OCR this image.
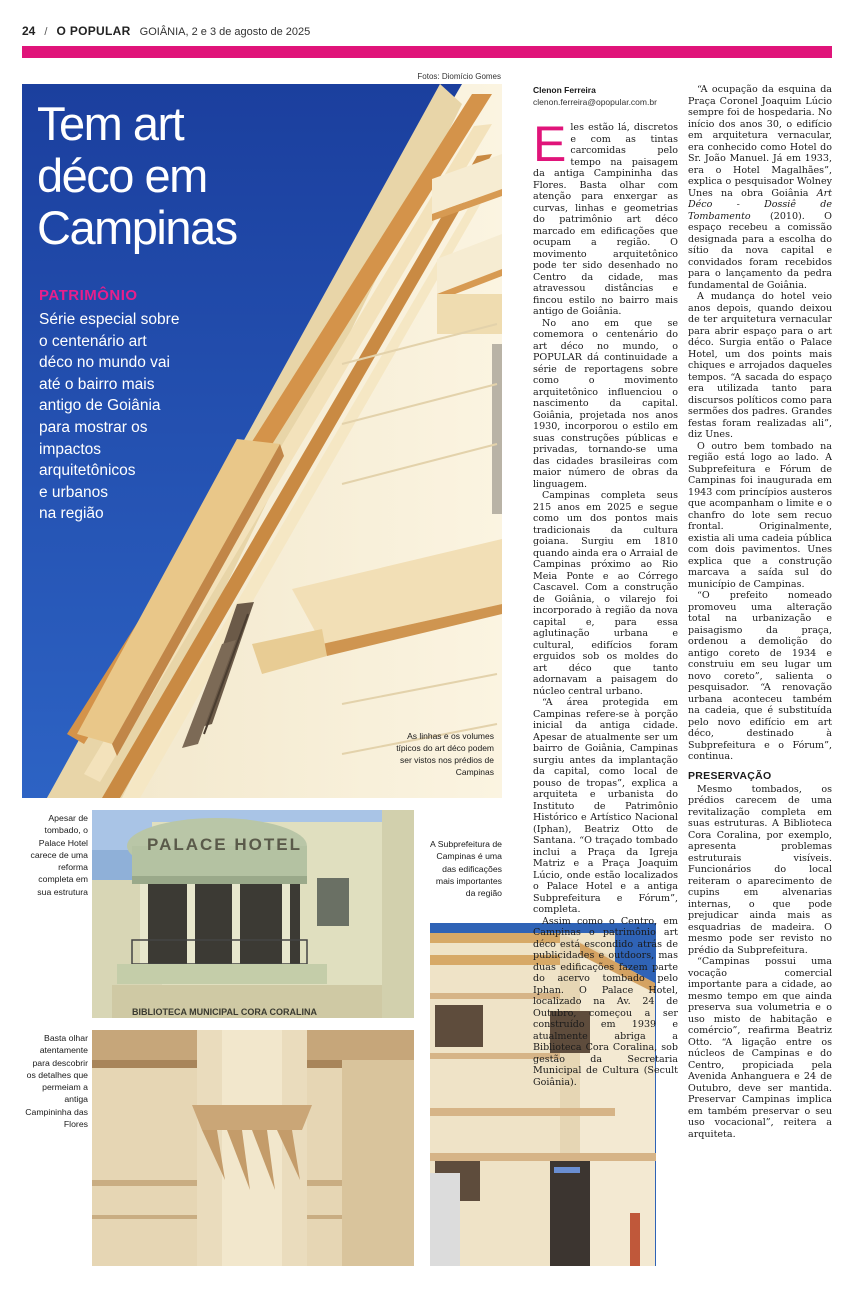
24 / O POPULAR GOIÂNIA, 2 e 3 de agosto de 2025
Fotos: Diomício Gomes
Tem art
déco em
Campinas
PATRIMÔNIO
Série especial sobre
o centenário art
déco no mundo vai
até o bairro mais
antigo de Goiânia
para mostrar os
impactos
arquitetônicos
e urbanos
na região
As linhas e os volumes típicos do art déco podem ser vistos nos prédios de Campinas
Apesar de tombado, o Palace Hotel carece de uma reforma completa em sua estrutura
PALACE HOTEL
BIBLIOTECA MUNICIPAL CORA CORALINA
Basta olhar atentamente para descobrir os detalhes que permeiam a antiga Campininha das Flores
A Subprefeitura de Campinas é uma das edificações mais importantes da região
Clenon Ferreira
clenon.ferreira@opopular.com.br

Eles estão lá, discretos e com as tintas carcomidas pelo tempo na paisagem da antiga Campininha das Flores. Basta olhar com atenção para enxergar as curvas, linhas e geometrias do patrimônio art déco marcado em edificações que ocupam a região. O movimento arquitetônico pode ter sido desenhado no Centro da cidade, mas atravessou distâncias e fincou estilo no bairro mais antigo de Goiânia.

No ano em que se comemora o centenário do art déco no mundo, o POPULAR dá continuidade a série de reportagens sobre como o movimento arquitetônico influenciou o nascimento da capital. Goiânia, projetada nos anos 1930, incorporou o estilo em suas construções públicas e privadas, tornando-se uma das cidades brasileiras com maior número de obras da linguagem.

Campinas completa seus 215 anos em 2025 e segue como um dos pontos mais tradicionais da cultura goiana. Surgiu em 1810 quando ainda era o Arraial de Campinas próximo ao Rio Meia Ponte e ao Córrego Cascavel. Com a construção de Goiânia, o vilarejo foi incorporado à região da nova capital e, para essa aglutinação urbana e cultural, edifícios foram erguidos sob os moldes do art déco que tanto adornavam a paisagem do núcleo central urbano.

“A área protegida em Campinas refere-se à porção inicial da antiga cidade. Apesar de atualmente ser um bairro de Goiânia, Campinas surgiu antes da implantação da capital, como local de pouso de tropas”, explica a arquiteta e urbanista do Instituto de Patrimônio Histórico e Artístico Nacional (Iphan), Beatriz Otto de Santana. “O traçado tombado inclui a Praça da Igreja Matriz e a Praça Joaquim Lúcio, onde estão localizados o Palace Hotel e a antiga Subprefeitura e Fórum”, completa.

Assim como o Centro, em Campinas o patrimônio art déco está escondido atrás de publicidades e outdoors, mas duas edificações fazem parte do acervo tombado pelo Iphan. O Palace Hotel, localizado na Av. 24 de Outubro, começou a ser construído em 1939 e atualmente abriga a Biblioteca Cora Coralina, sob gestão da Secretaria Municipal de Cultura (Secult Goiânia).

“A ocupação da esquina da Praça Coronel Joaquim Lúcio sempre foi de hospedaria. No início dos anos 30, o edifício em arquitetura vernacular, era conhecido como Hotel do Sr. João Manuel. Já em 1933, era o Hotel Magalhães”, explica o pesquisador Wolney Unes na obra Goiânia Art Déco - Dossiê de Tombamento (2010). O espaço recebeu a comissão designada para a escolha do sítio da nova capital e convidados foram recebidos para o lançamento da pedra fundamental de Goiânia.

A mudança do hotel veio anos depois, quando deixou de ter arquitetura vernacular para abrir espaço para o art déco. Surgia então o Palace Hotel, um dos points mais chiques e arrojados daqueles tempos. “A sacada do espaço era utilizada tanto para discursos políticos como para sermões dos padres. Grandes festas foram realizadas ali”, diz Unes.

O outro bem tombado na região está logo ao lado. A Subprefeitura e Fórum de Campinas foi inaugurada em 1943 com princípios austeros que acompanham o limite e o chanfro do lote sem recuo frontal. Originalmente, existia ali uma cadeia pública com dois pavimentos. Unes explica que a construção marcava a saída sul do município de Campinas.

“O prefeito nomeado promoveu uma alteração total na urbanização e paisagismo da praça, ordenou a demolição do antigo coreto de 1934 e construiu em seu lugar um novo coreto”, salienta o pesquisador. “A renovação urbana aconteceu também na cadeia, que é substituída pelo novo edifício em art déco, destinado à Subprefeitura e o Fórum”, continua.

PRESERVAÇÃO

Mesmo tombados, os prédios carecem de uma revitalização completa em suas estruturas. A Biblioteca Cora Coralina, por exemplo, apresenta problemas estruturais visíveis. Funcionários do local reiteram o aparecimento de cupins em alvenarias internas, o que pode prejudicar ainda mais as esquadrias de madeira. O mesmo pode ser revisto no prédio da Subprefeitura.

“Campinas possui uma vocação comercial importante para a cidade, ao mesmo tempo em que ainda preserva sua volumetria e o uso misto de habitação e comércio”, reafirma Beatriz Otto. “A ligação entre os núcleos de Campinas e do Centro, propiciada pela Avenida Anhanguera e 24 de Outubro, deve ser mantida. Preservar Campinas implica em também preservar o seu uso vocacional”, reitera a arquiteta.
